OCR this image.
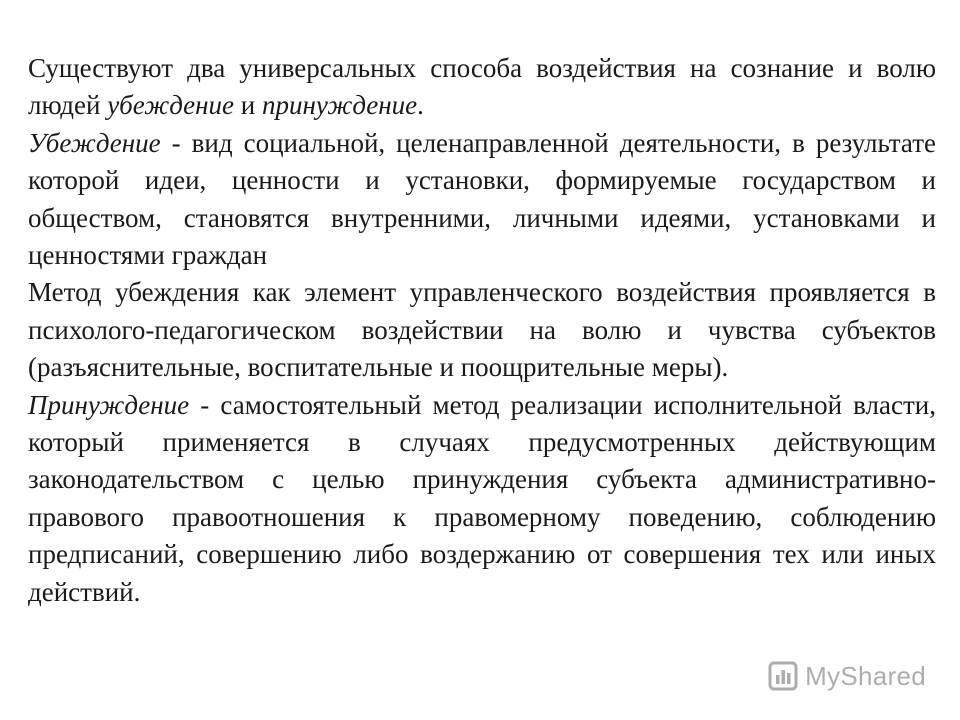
Существуют два универсальных способа воздействия на сознание и волю людей убеждение и принуждение.

Убеждение - вид социальной, целенаправленной деятельности, в результате которой идеи, ценности и установки, формируемые государством и обществом, становятся внутренними, личными идеями, установками и ценностями граждан

Метод убеждения как элемент управленческого воздействия проявляется в психолого-педагогическом воздействии на волю и чувства субъектов (разъяснительные, воспитательные и поощрительные меры).

Принуждение - самостоятельный метод реализации исполнительной власти, который применяется в случаях предусмотренных действующим законодательством с целью принуждения субъекта административно-правового правоотношения к правомерному поведению, соблюдению предписаний, совершению либо воздержанию от совершения тех или иных действий.

MyShared
